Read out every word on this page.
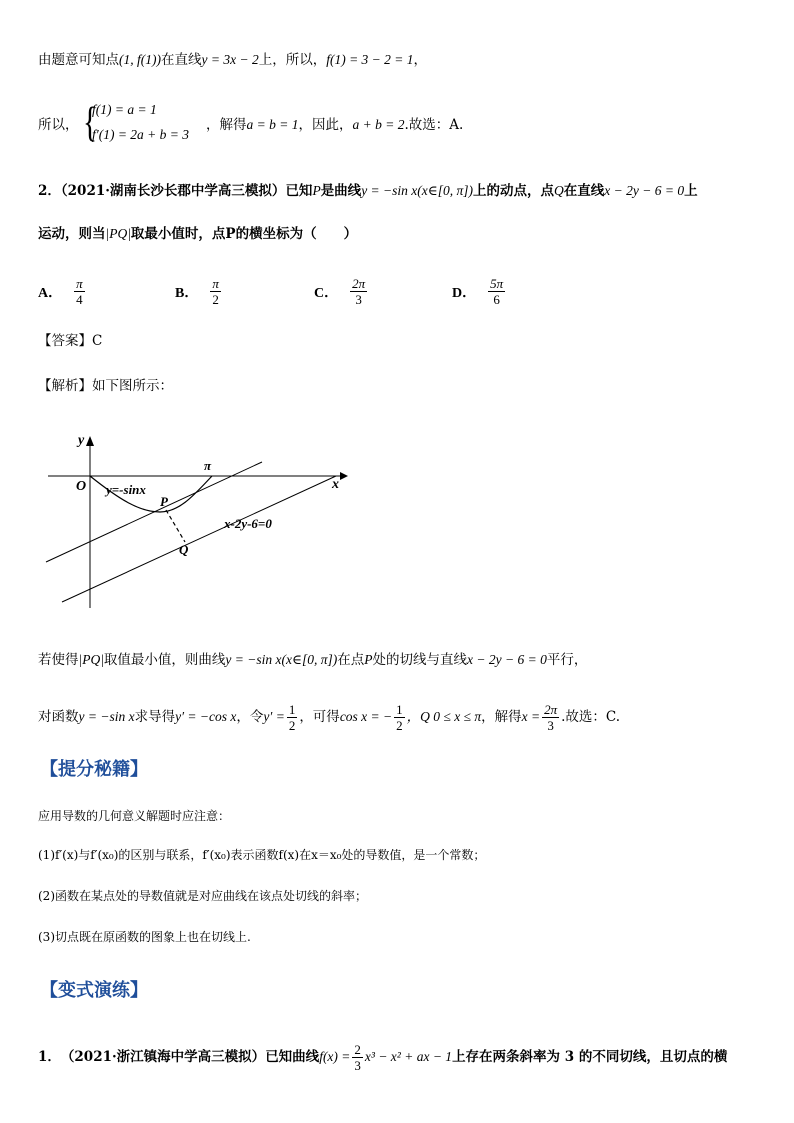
由题意可知点(1, f(1))在直线y = 3x − 2上，所以，f(1) = 3 − 2 = 1，
所以， {
f(1) = a = 1
f′(1) = 2a + b = 3
，解得a = b = 1，因此，a + b = 2.故选：A.
2．（2021·湖南长沙长郡中学高三模拟）已知P是曲线y = −sin x(x∈[0, π])上的动点，点Q在直线x − 2y − 6 = 0上
运动，则当|PQ|取最小值时，点P的横坐标为（　　）
A． $\frac{\pi}{4}$	B． $\frac{\pi}{2}$	C． $\frac{2\pi}{3}$	D． $\frac{5\pi}{6}$
【答案】C
【解析】如下图所示：
y
x
O
π
y=-sinx
P
Q
x-2y-6=0
若使得|PQ|取值最小值，则曲线y = −sin x(x∈[0, π])在点P处的切线与直线x − 2y − 6 = 0平行，
对函数 y = −sin x 求导得 y′ = −cos x ，令 $y' = \frac{1}{2}$ ，可得 cos x = − $\frac{1}{2}$ ，Q 0 ≤ x ≤ π ，解得 $x = \frac{2\pi}{3}$ .故选：C.
【提分秘籍】
应用导数的几何意义解题时应注意：
(1)f′(x)与f′(x₀)的区别与联系，f′(x₀)表示函数f(x)在x＝x₀处的导数值，是一个常数；
(2)函数在某点处的导数值就是对应曲线在该点处切线的斜率；
(3)切点既在原函数的图象上也在切线上.
【变式演练】
1． （2021·浙江镇海中学高三模拟） 已知曲线 $f(x) = \frac{2}{3} x^3 - x^2$ + ax − 1 上存在两条斜率为 3 的不同切线，且切点的横
